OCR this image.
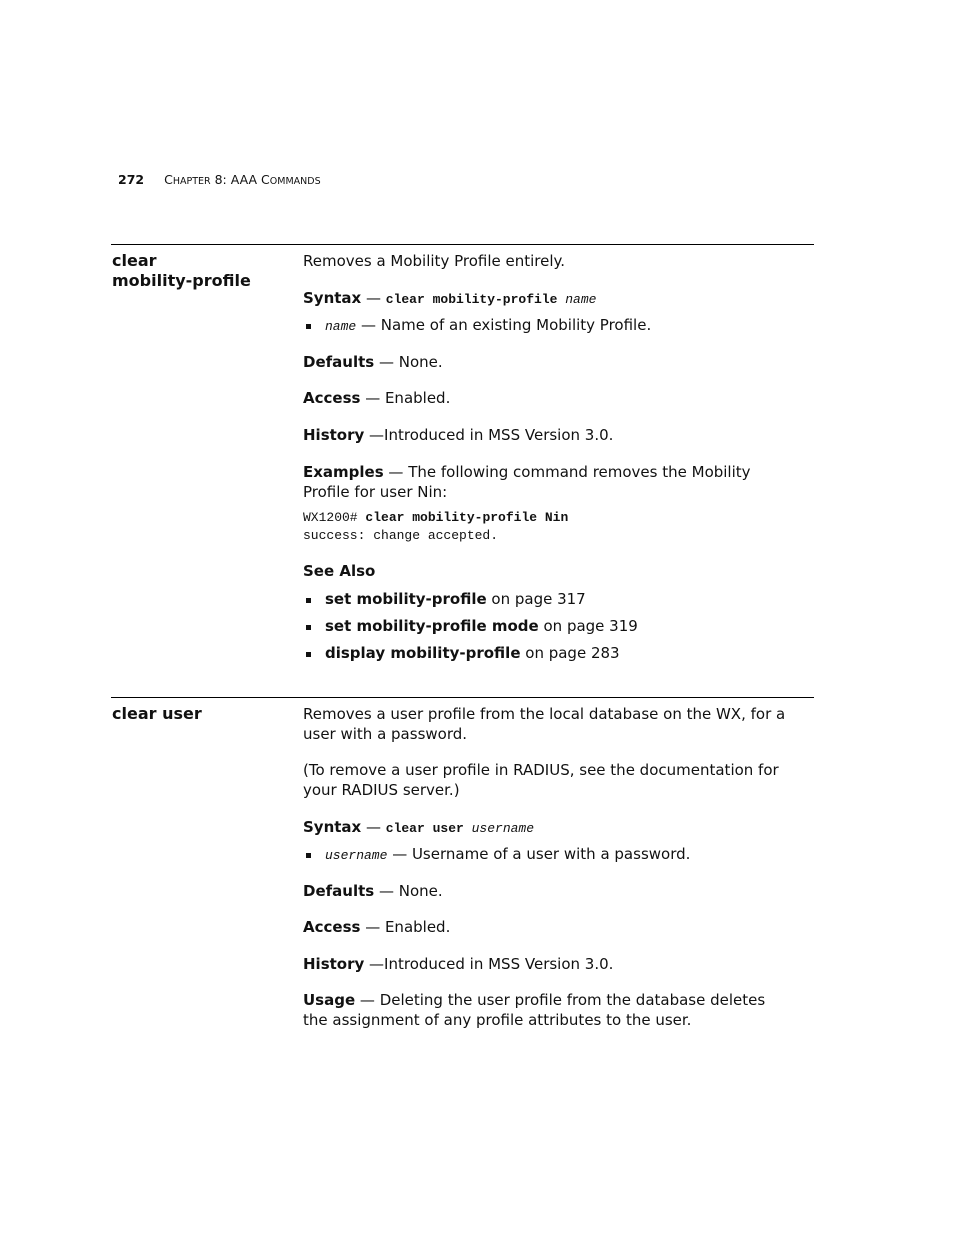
272 CHAPTER 8: AAA COMMANDS
clear
mobility-profile
Removes a Mobility Profile entirely.
Syntax — clear mobility-profile name
name — Name of an existing Mobility Profile.
Defaults — None.
Access — Enabled.
History —Introduced in MSS Version 3.0.
Examples — The following command removes the Mobility Profile for user Nin:
WX1200# clear mobility-profile Nin
success: change accepted.
See Also
set mobility-profile on page 317
set mobility-profile mode on page 319
display mobility-profile on page 283
clear user	Removes a user profile from the local database on the WX, for a user with a password.
(To remove a user profile in RADIUS, see the documentation for your RADIUS server.)
Syntax — clear user username
username — Username of a user with a password.
Defaults — None.
Access — Enabled.
History —Introduced in MSS Version 3.0.
Usage — Deleting the user profile from the database deletes the assignment of any profile attributes to the user.
